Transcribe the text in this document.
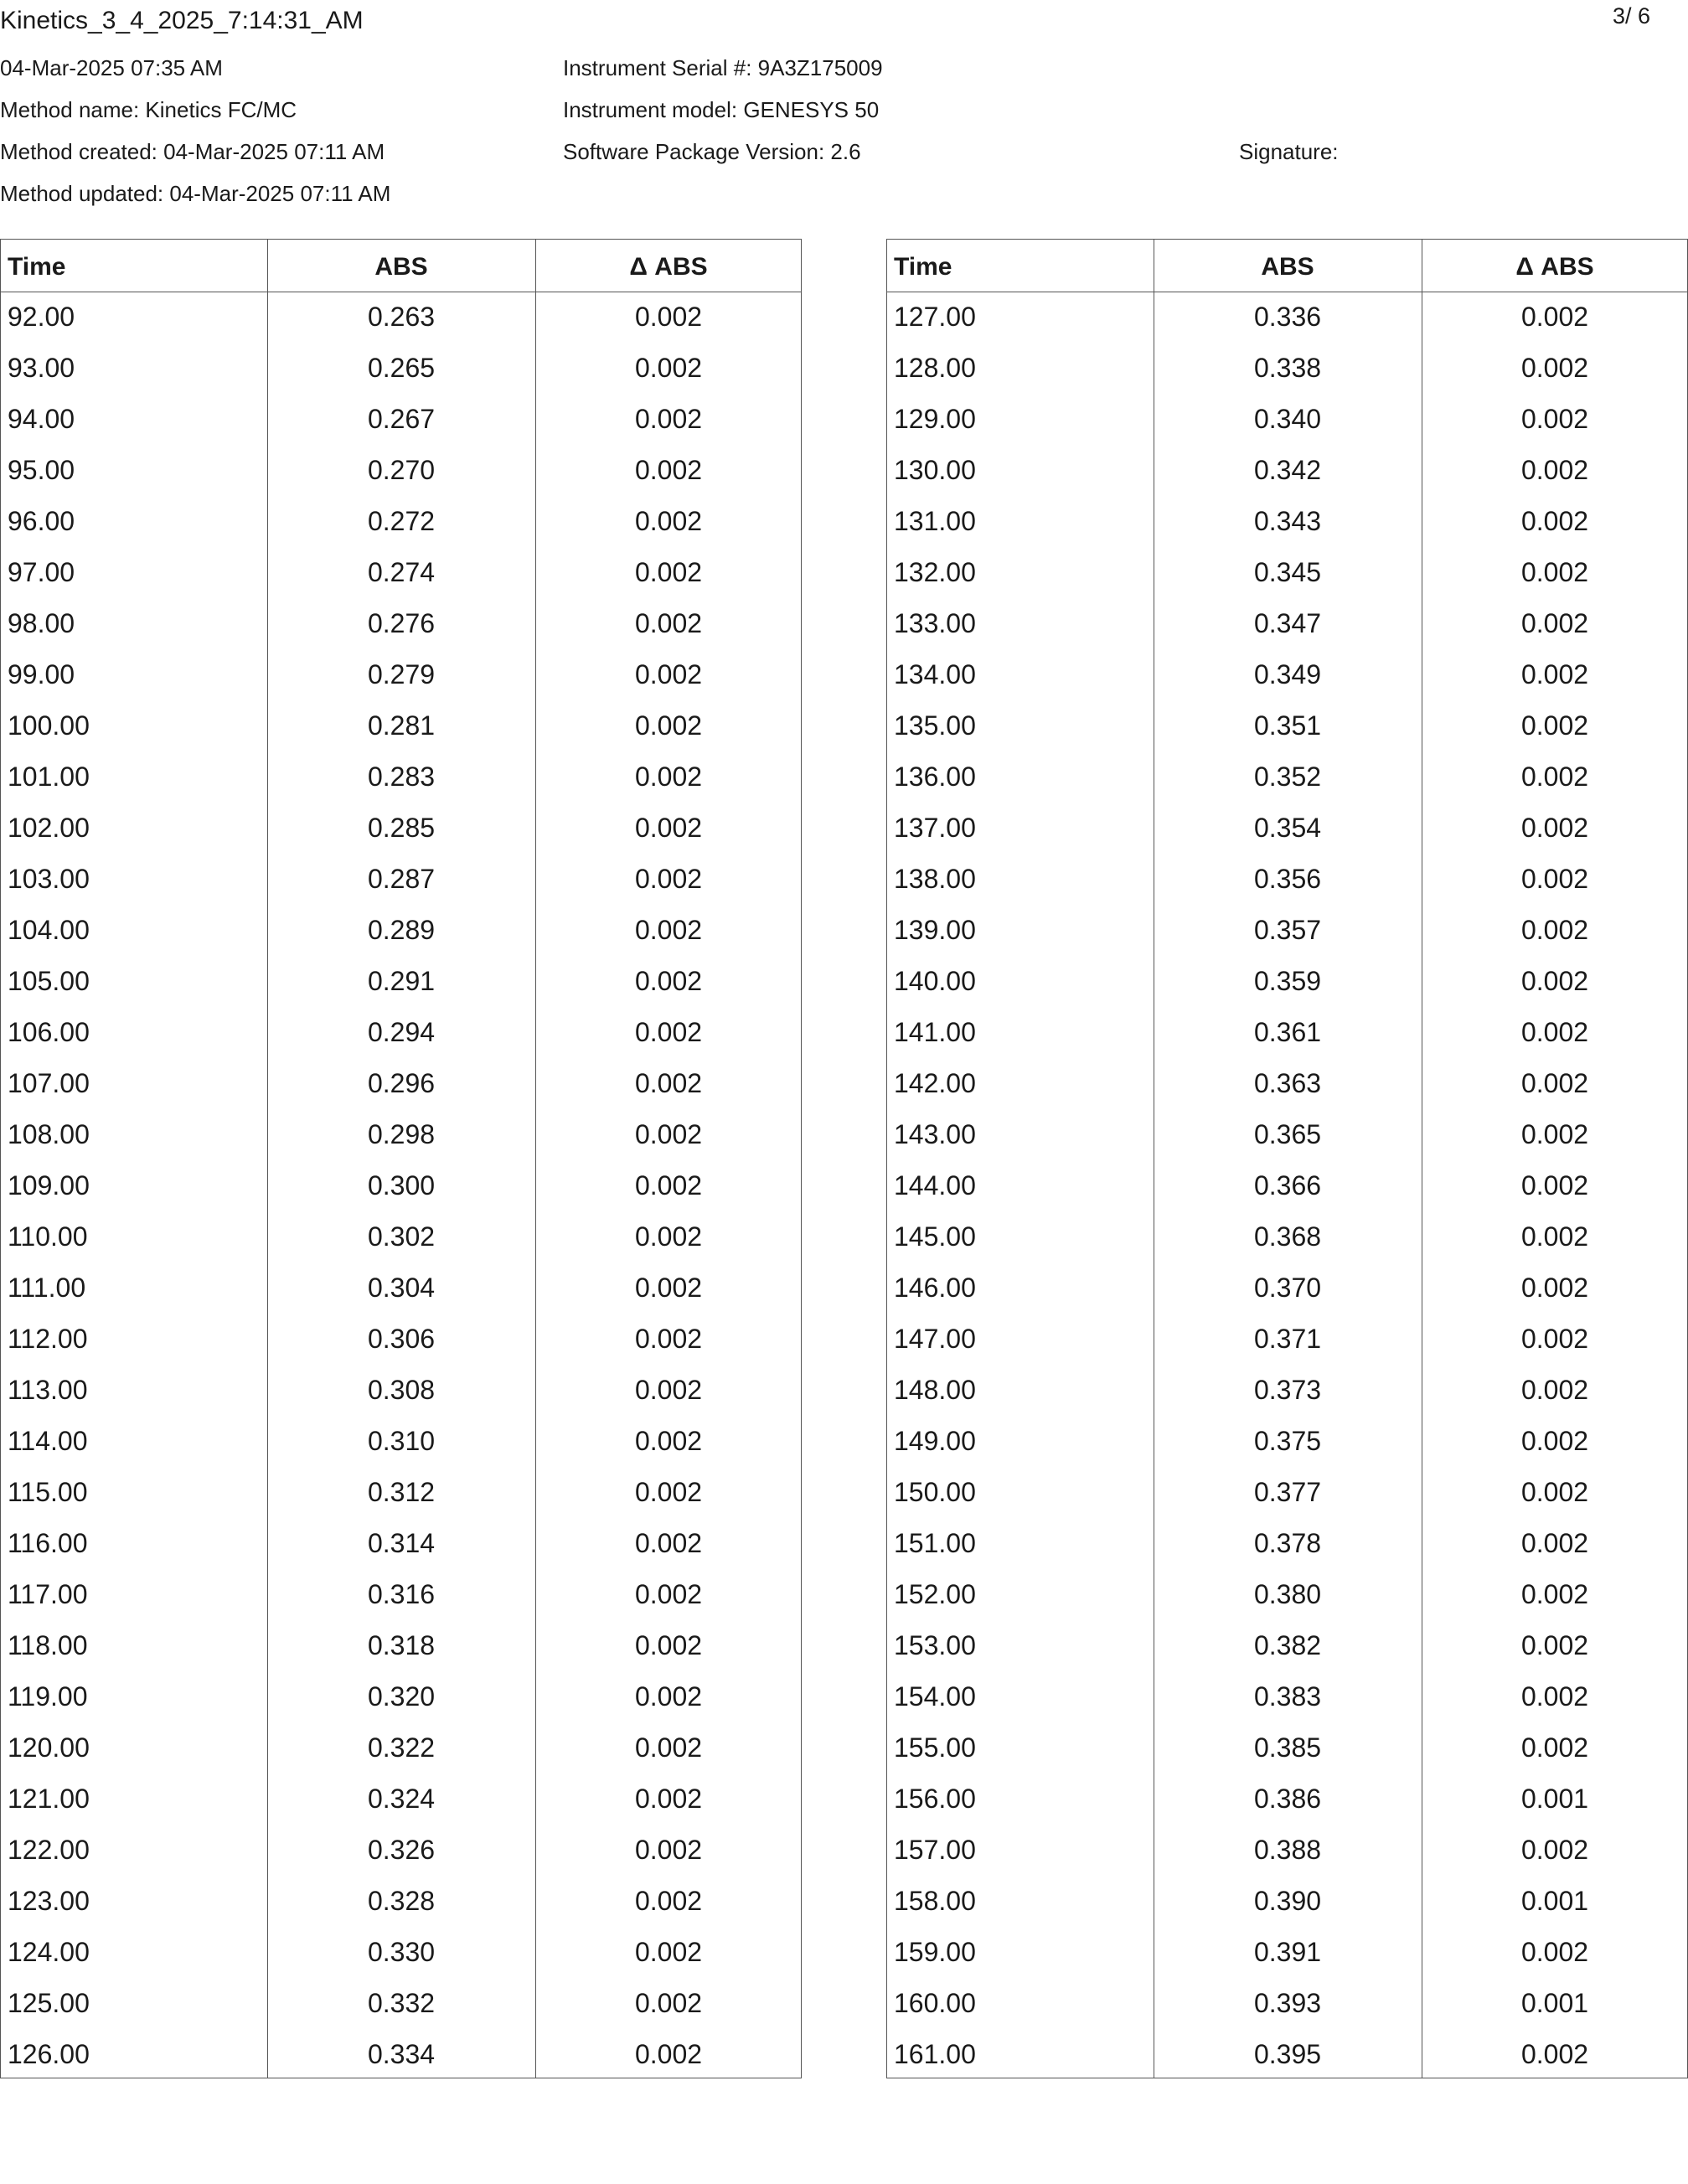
Kinetics_3_4_2025_7:14:31_AM	3/ 6
04-Mar-2025 07:35 AM
Method name: Kinetics FC/MC
Method created: 04-Mar-2025 07:11 AM
Method updated: 04-Mar-2025 07:11 AM
Instrument Serial #: 9A3Z175009
Instrument model: GENESYS 50
Software Package Version: 2.6	Signature:
Time	ABS	Δ ABS
92.00	0.263	0.002
93.00	0.265	0.002
94.00	0.267	0.002
95.00	0.270	0.002
96.00	0.272	0.002
97.00	0.274	0.002
98.00	0.276	0.002
99.00	0.279	0.002
100.00	0.281	0.002
101.00	0.283	0.002
102.00	0.285	0.002
103.00	0.287	0.002
104.00	0.289	0.002
105.00	0.291	0.002
106.00	0.294	0.002
107.00	0.296	0.002
108.00	0.298	0.002
109.00	0.300	0.002
110.00	0.302	0.002
111.00	0.304	0.002
112.00	0.306	0.002
113.00	0.308	0.002
114.00	0.310	0.002
115.00	0.312	0.002
116.00	0.314	0.002
117.00	0.316	0.002
118.00	0.318	0.002
119.00	0.320	0.002
120.00	0.322	0.002
121.00	0.324	0.002
122.00	0.326	0.002
123.00	0.328	0.002
124.00	0.330	0.002
125.00	0.332	0.002
126.00	0.334	0.002
Time	ABS	Δ ABS
127.00	0.336	0.002
128.00	0.338	0.002
129.00	0.340	0.002
130.00	0.342	0.002
131.00	0.343	0.002
132.00	0.345	0.002
133.00	0.347	0.002
134.00	0.349	0.002
135.00	0.351	0.002
136.00	0.352	0.002
137.00	0.354	0.002
138.00	0.356	0.002
139.00	0.357	0.002
140.00	0.359	0.002
141.00	0.361	0.002
142.00	0.363	0.002
143.00	0.365	0.002
144.00	0.366	0.002
145.00	0.368	0.002
146.00	0.370	0.002
147.00	0.371	0.002
148.00	0.373	0.002
149.00	0.375	0.002
150.00	0.377	0.002
151.00	0.378	0.002
152.00	0.380	0.002
153.00	0.382	0.002
154.00	0.383	0.002
155.00	0.385	0.002
156.00	0.386	0.001
157.00	0.388	0.002
158.00	0.390	0.001
159.00	0.391	0.002
160.00	0.393	0.001
161.00	0.395	0.002
